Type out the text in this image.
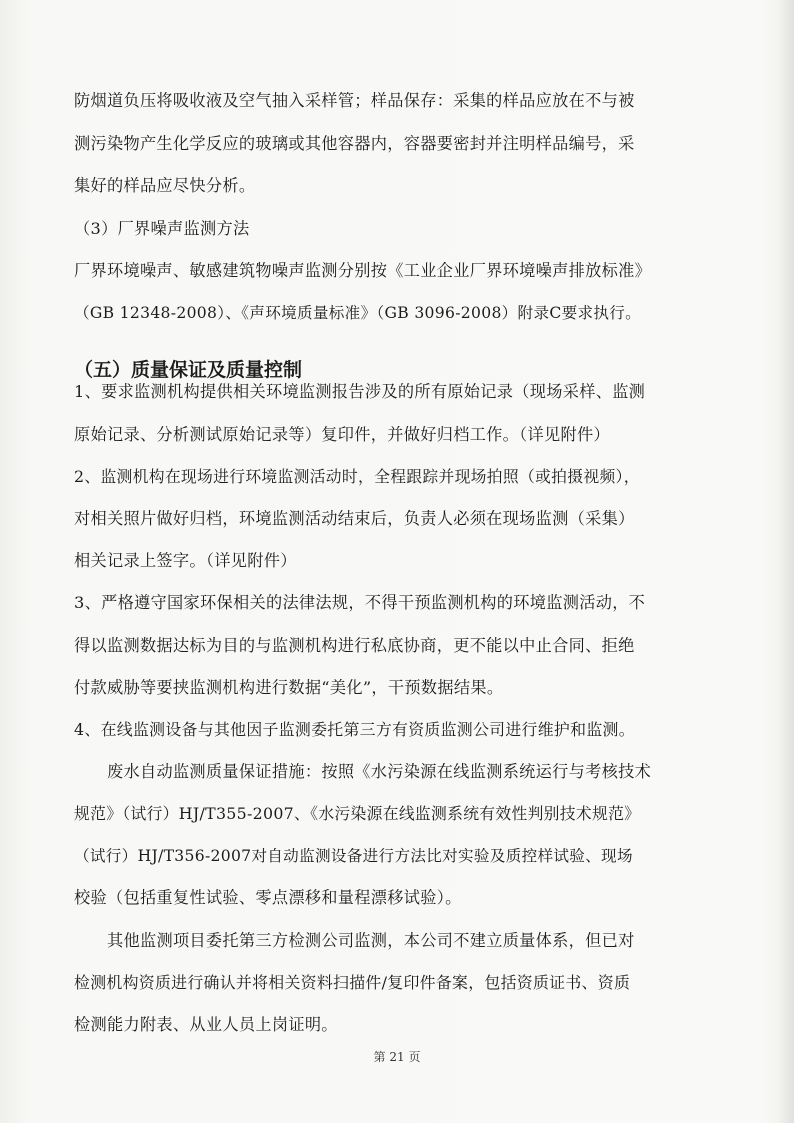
防烟道负压将吸收液及空气抽入采样管；样品保存：采集的样品应放在不与被

测污染物产生化学反应的玻璃或其他容器内，容器要密封并注明样品编号，采

集好的样品应尽快分析。

（3）厂界噪声监测方法

厂界环境噪声、敏感建筑物噪声监测分别按《工业企业厂界环境噪声排放标准》

（GB 12348-2008）、《声环境质量标准》（GB 3096-2008）附录C要求执行。

（五）质量保证及质量控制

1、要求监测机构提供相关环境监测报告涉及的所有原始记录（现场采样、监测

原始记录、分析测试原始记录等）复印件，并做好归档工作。（详见附件）

2、监测机构在现场进行环境监测活动时，全程跟踪并现场拍照（或拍摄视频），

对相关照片做好归档，环境监测活动结束后，负责人必须在现场监测（采集）

相关记录上签字。（详见附件）

3、严格遵守国家环保相关的法律法规，不得干预监测机构的环境监测活动，不

得以监测数据达标为目的与监测机构进行私底协商，更不能以中止合同、拒绝

付款威胁等要挟监测机构进行数据“美化”，干预数据结果。

4、在线监测设备与其他因子监测委托第三方有资质监测公司进行维护和监测。

废水自动监测质量保证措施：按照《水污染源在线监测系统运行与考核技术

规范》（试行）HJ/T355-2007、《水污染源在线监测系统有效性判别技术规范》

（试行）HJ/T356-2007对自动监测设备进行方法比对实验及质控样试验、现场

校验（包括重复性试验、零点漂移和量程漂移试验）。

其他监测项目委托第三方检测公司监测，本公司不建立质量体系，但已对

检测机构资质进行确认并将相关资料扫描件/复印件备案，包括资质证书、资质

检测能力附表、从业人员上岗证明。

第 21 页
